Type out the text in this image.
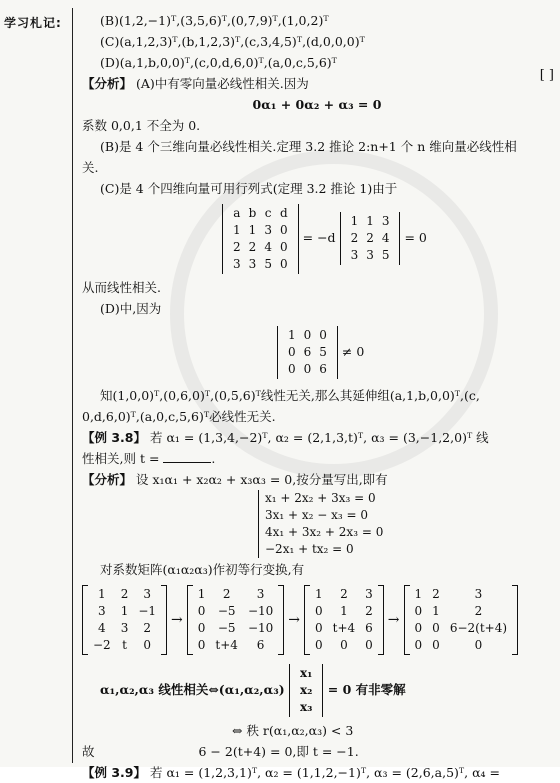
学习札记:
[ ]
(B)(1,2,−1)ᵀ,(3,5,6)ᵀ,(0,7,9)ᵀ,(1,0,2)ᵀ
(C)(a,1,2,3)ᵀ,(b,1,2,3)ᵀ,(c,3,4,5)ᵀ,(d,0,0,0)ᵀ
(D)(a,1,b,0,0)ᵀ,(c,0,d,6,0)ᵀ,(a,0,c,5,6)ᵀ
【分析】 (A)中有零向量必线性相关.因为
0α₁ + 0α₂ + α₃ = 0
系数 0,0,1 不全为 0.
(B)是 4 个三维向量必线性相关.定理 3.2 推论 2:n+1 个 n 维向量必线性相
关.
(C)是 4 个四维向量可用行列式(定理 3.2 推论 1)由于
a	b	c	d
1	1	3	0
2	2	4	0
3	3	5	0
= −d
1	1	3
2	2	4
3	3	5
= 0
从而线性相关.
(D)中,因为
1	0	0
0	6	5
0	0	6
≠ 0
知(1,0,0)ᵀ,(0,6,0)ᵀ,(0,5,6)ᵀ线性无关,那么其延伸组(a,1,b,0,0)ᵀ,(c,
0,d,6,0)ᵀ,(a,0,c,5,6)ᵀ必线性无关.
【例 3.8】 若 α₁ = (1,3,4,−2)ᵀ, α₂ = (2,1,3,t)ᵀ, α₃ = (3,−1,2,0)ᵀ 线
性相关,则 t =	.
【分析】 设 x₁α₁ + x₂α₂ + x₃α₃ = 0,按分量写出,即有
x₁ + 2x₂ + 3x₃ = 0
3x₁ + x₂ − x₃ = 0
4x₁ + 3x₂ + 2x₃ = 0
−2x₁ + tx₂ = 0
对系数矩阵(α₁α₂α₃)作初等行变换,有
1	2	3
3	1	−1
4	3	2
−2	t	0
→
1	2	3
0	−5	−10
0	−5	−10
0	t+4	6
→
1	2	3
0	1	2
0	t+4	6
0	0	0
→
1	2	3
0	1	2
0	0	6−2(t+4)
0	0	0
α₁,α₂,α₃ 线性相关⇔(α₁,α₂,α₃)
x₁
x₂
x₃
= 0 有非零解
⇔ 秩 r(α₁,α₂,α₃) < 3
故	6 − 2(t+4) = 0,即 t = −1.
【例 3.9】 若 α₁ = (1,2,3,1)ᵀ, α₂ = (1,1,2,−1)ᵀ, α₃ = (2,6,a,5)ᵀ, α₄ =
